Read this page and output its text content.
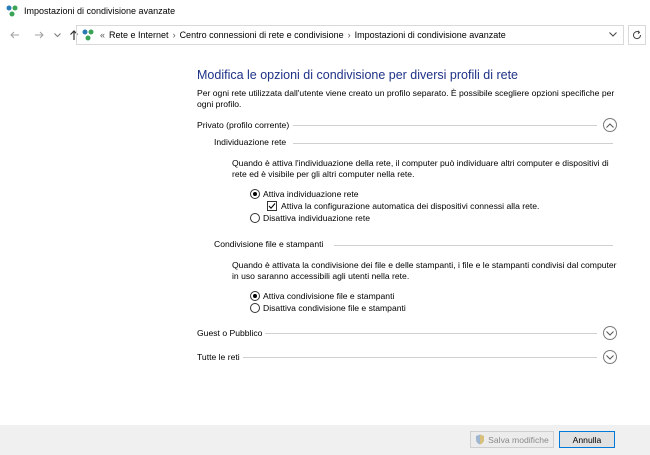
Impostazioni di condivisione avanzate
« Rete e Internet › Centro connessioni di rete e condivisione › Impostazioni di condivisione avanzate
Modifica le opzioni di condivisione per diversi profili di rete
Per ogni rete utilizzata dall'utente viene creato un profilo separato. È possibile scegliere opzioni specifiche per ogni profilo.
Privato (profilo corrente)
Individuazione rete
Quando è attiva l'individuazione della rete, il computer può individuare altri computer e dispositivi di rete ed è visibile per gli altri computer nella rete.
Attiva individuazione rete
Attiva la configurazione automatica dei dispositivi connessi alla rete.
Disattiva individuazione rete
Condivisione file e stampanti
Quando è attivata la condivisione dei file e delle stampanti, i file e le stampanti condivisi dal computer in uso saranno accessibili agli utenti nella rete.
Attiva condivisione file e stampanti
Disattiva condivisione file e stampanti
Guest o Pubblico
Tutte le reti
Salva modifiche	Annulla
